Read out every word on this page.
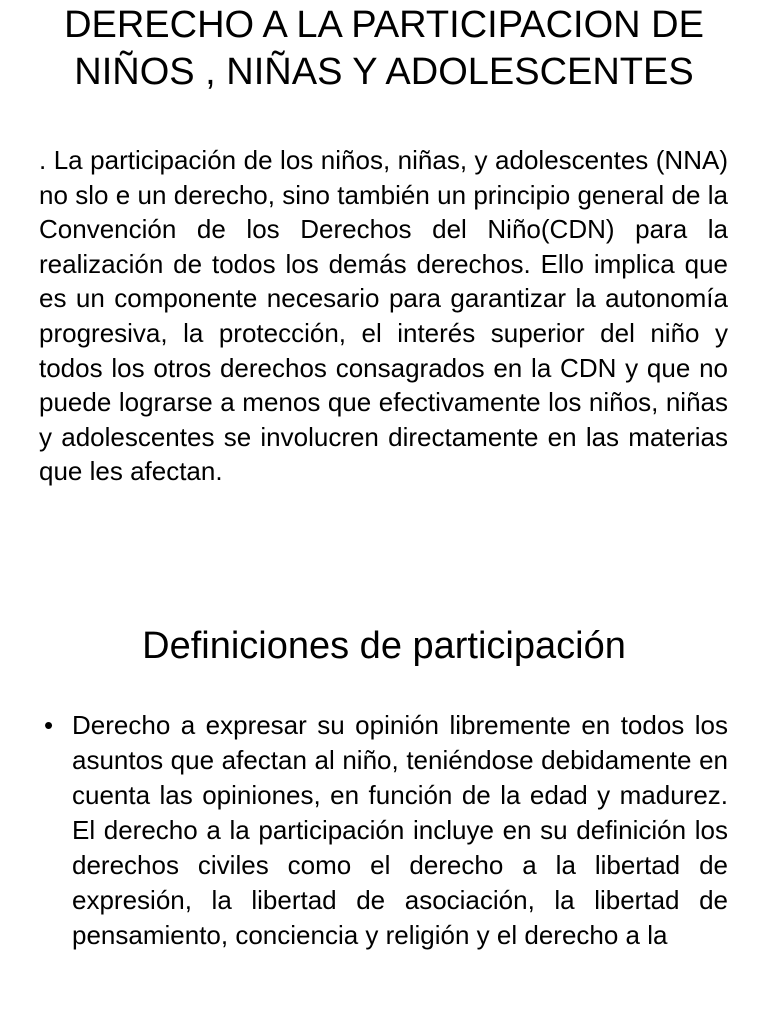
DERECHO A LA PARTICIPACION DE NIÑOS , NIÑAS Y ADOLESCENTES

. La participación de los niños, niñas, y adolescentes (NNA) no slo e un derecho, sino también un principio general de la Convención de los Derechos del Niño(CDN) para la realización de todos los demás derechos. Ello implica que es un componente necesario para garantizar la autonomía progresiva, la protección, el interés superior del niño y todos los otros derechos consagrados en la CDN y que no puede lograrse a menos que efectivamente los niños, niñas y adolescentes se involucren directamente en las materias que les afectan.

Definiciones de participación
• Derecho a expresar su opinión libremente en todos los asuntos que afectan al niño, teniéndose debidamente en cuenta las opiniones, en función de la edad y madurez. El derecho a la participación incluye en su definición los derechos civiles como el derecho a la libertad de expresión, la libertad de asociación, la libertad de pensamiento, conciencia y religión y el derecho a la
